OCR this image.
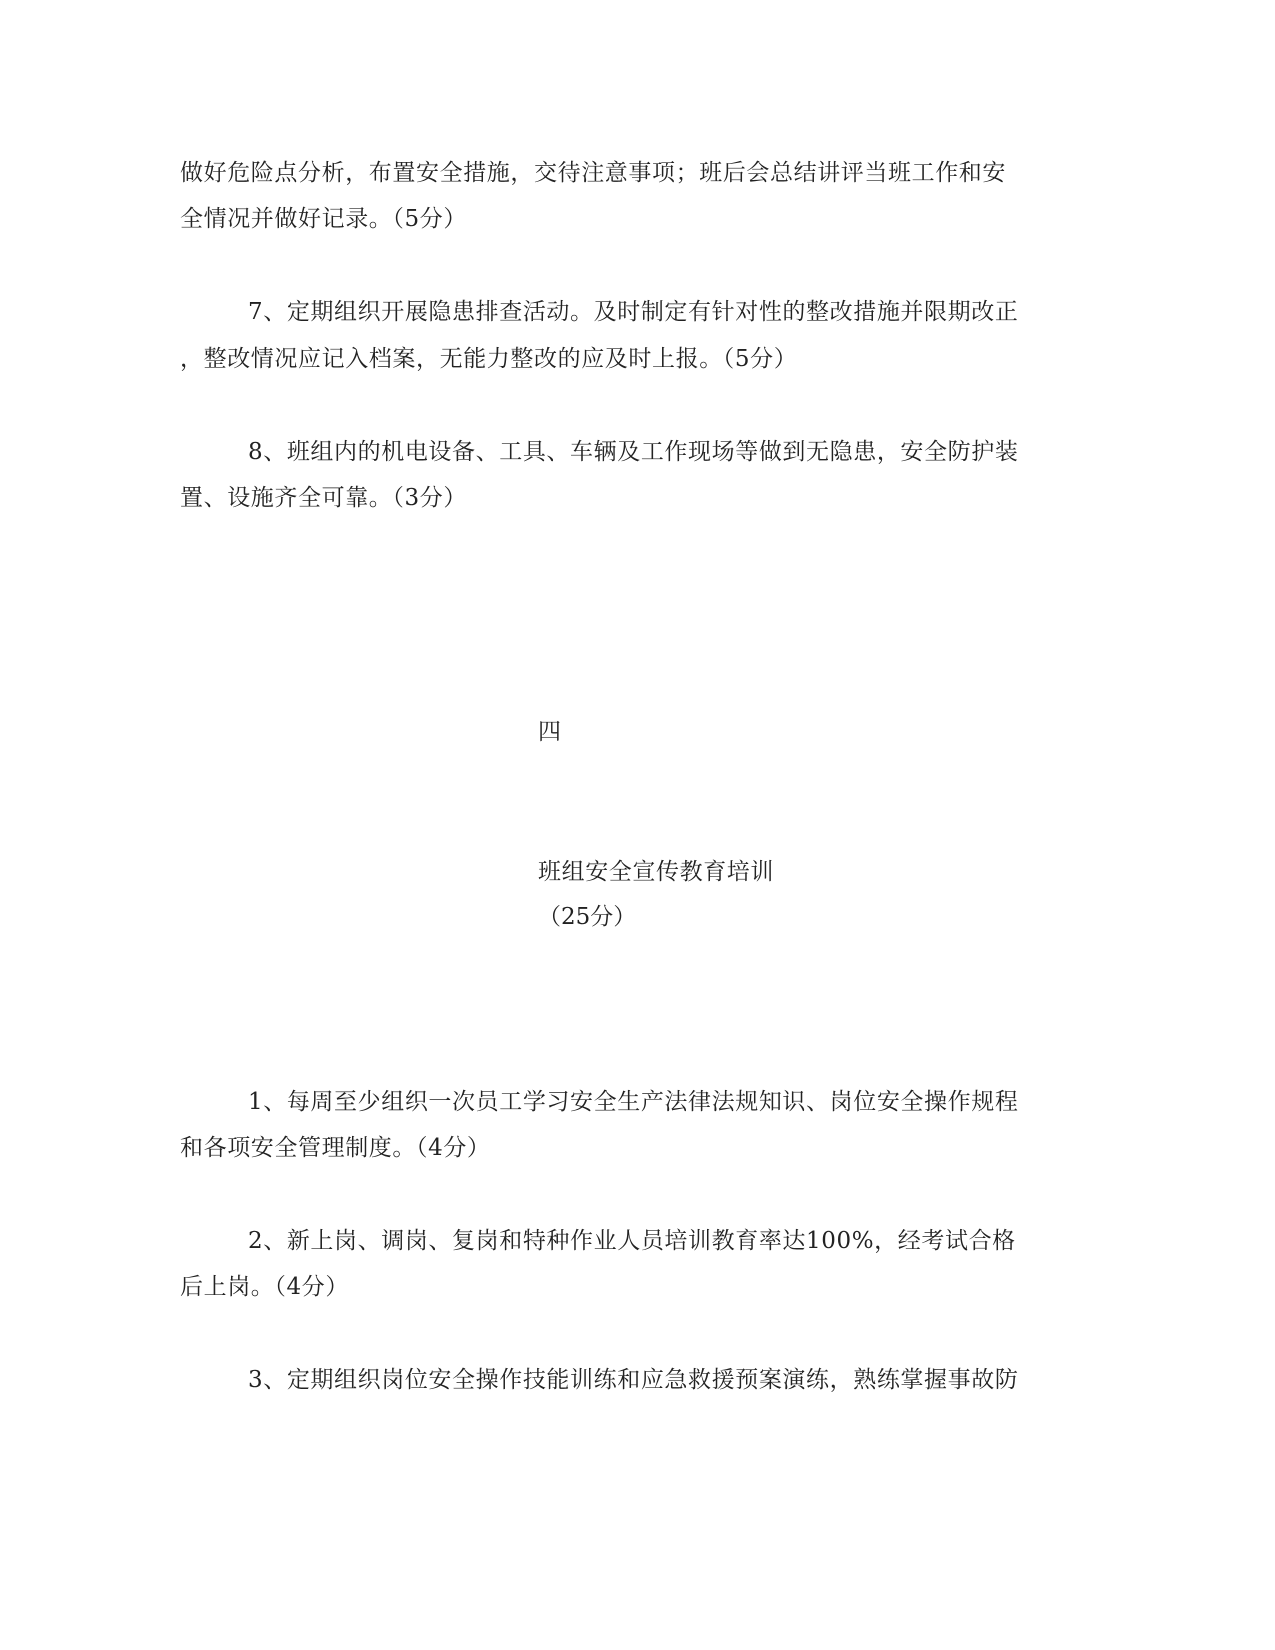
做好危险点分析，布置安全措施，交待注意事项；班后会总结讲评当班工作和安
全情况并做好记录。（5分）
7、定期组织开展隐患排查活动。及时制定有针对性的整改措施并限期改正
，整改情况应记入档案，无能力整改的应及时上报。（5分）
8、班组内的机电设备、工具、车辆及工作现场等做到无隐患，安全防护装
置、设施齐全可靠。（3分）
四
班组安全宣传教育培训
（25分）
1、每周至少组织一次员工学习安全生产法律法规知识、岗位安全操作规程
和各项安全管理制度。（4分）
2、新上岗、调岗、复岗和特种作业人员培训教育率达100%，经考试合格
后上岗。（4分）
3、定期组织岗位安全操作技能训练和应急救援预案演练，熟练掌握事故防
